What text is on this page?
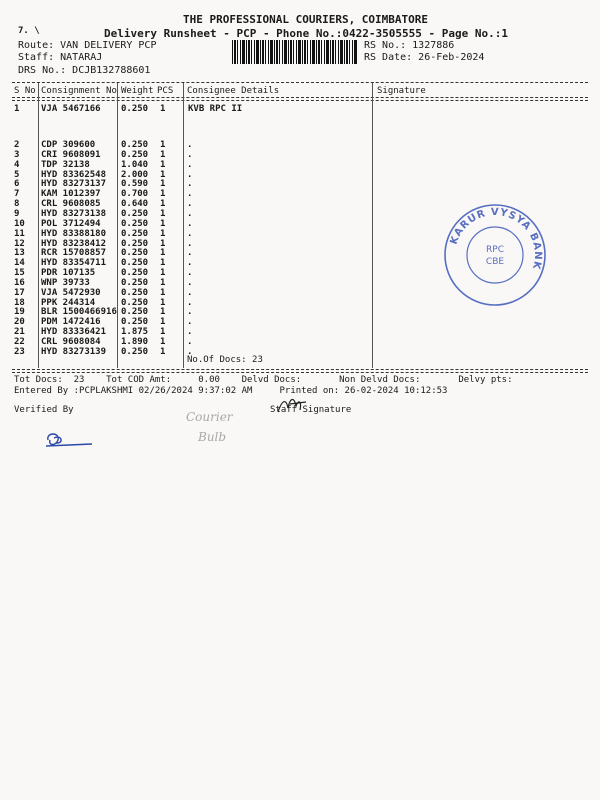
7. \
THE PROFESSIONAL COURIERS, COIMBATORE
Delivery Runsheet - PCP - Phone No.:0422-3505555 - Page No.:1
Route: VAN DELIVERY PCP
Staff: NATARAJ
DRS No.: DCJB132788601
RS No.: 1327886
RS Date: 26-Feb-2024
S No Consignment No Weight PCS Consignee Details	Signature
1 VJA 5467166 0.250 1	KVB RPC II
2 CDP 309600	0.250 1 .
3 CRI 9608091 0.250 1 .
4 TDP 32138	1.040 1 .
5 HYD 83362548 2.000 1 .
6 HYD 83273137 0.590 1 .
7 KAM 1012397 0.700 1 .
8 CRL 9608085 0.640 1 .
9 HYD 83273138 0.250 1 .
10 POL 3712494 0.250 1 .
11 HYD 83388180 0.250 1 .
12 HYD 83238412 0.250 1 .
13 RCR 15708857 0.250 1 .
14 HYD 83354711 0.250 1 .
15 PDR 107135	0.250 1 .
16 WNP 39733	0.250 1 .
17 VJA 5472930 0.250 1 .
18 PPK 244314	0.250 1 .
19 BLR 1500466916 0.250 1 .
20 PDM 1472416 0.250 1 .
21 HYD 83336421 1.875 1 .
22 CRL 9608084 1.890 1 .
23 HYD 83273139 0.250 1 .
No.Of Docs: 23
Tot Docs:  23    Tot COD Amt:     0.00    Delvd Docs:       Non Delvd Docs:       Delvy pts:
Entered By :PCPLAKSHMI 02/26/2024 9:37:02 AM     Printed on: 26-02-2024 10:12:53
Verified By	Staff Signature
Courier
Bulb
KARUR VYSYA BANK
RPC
CBE
